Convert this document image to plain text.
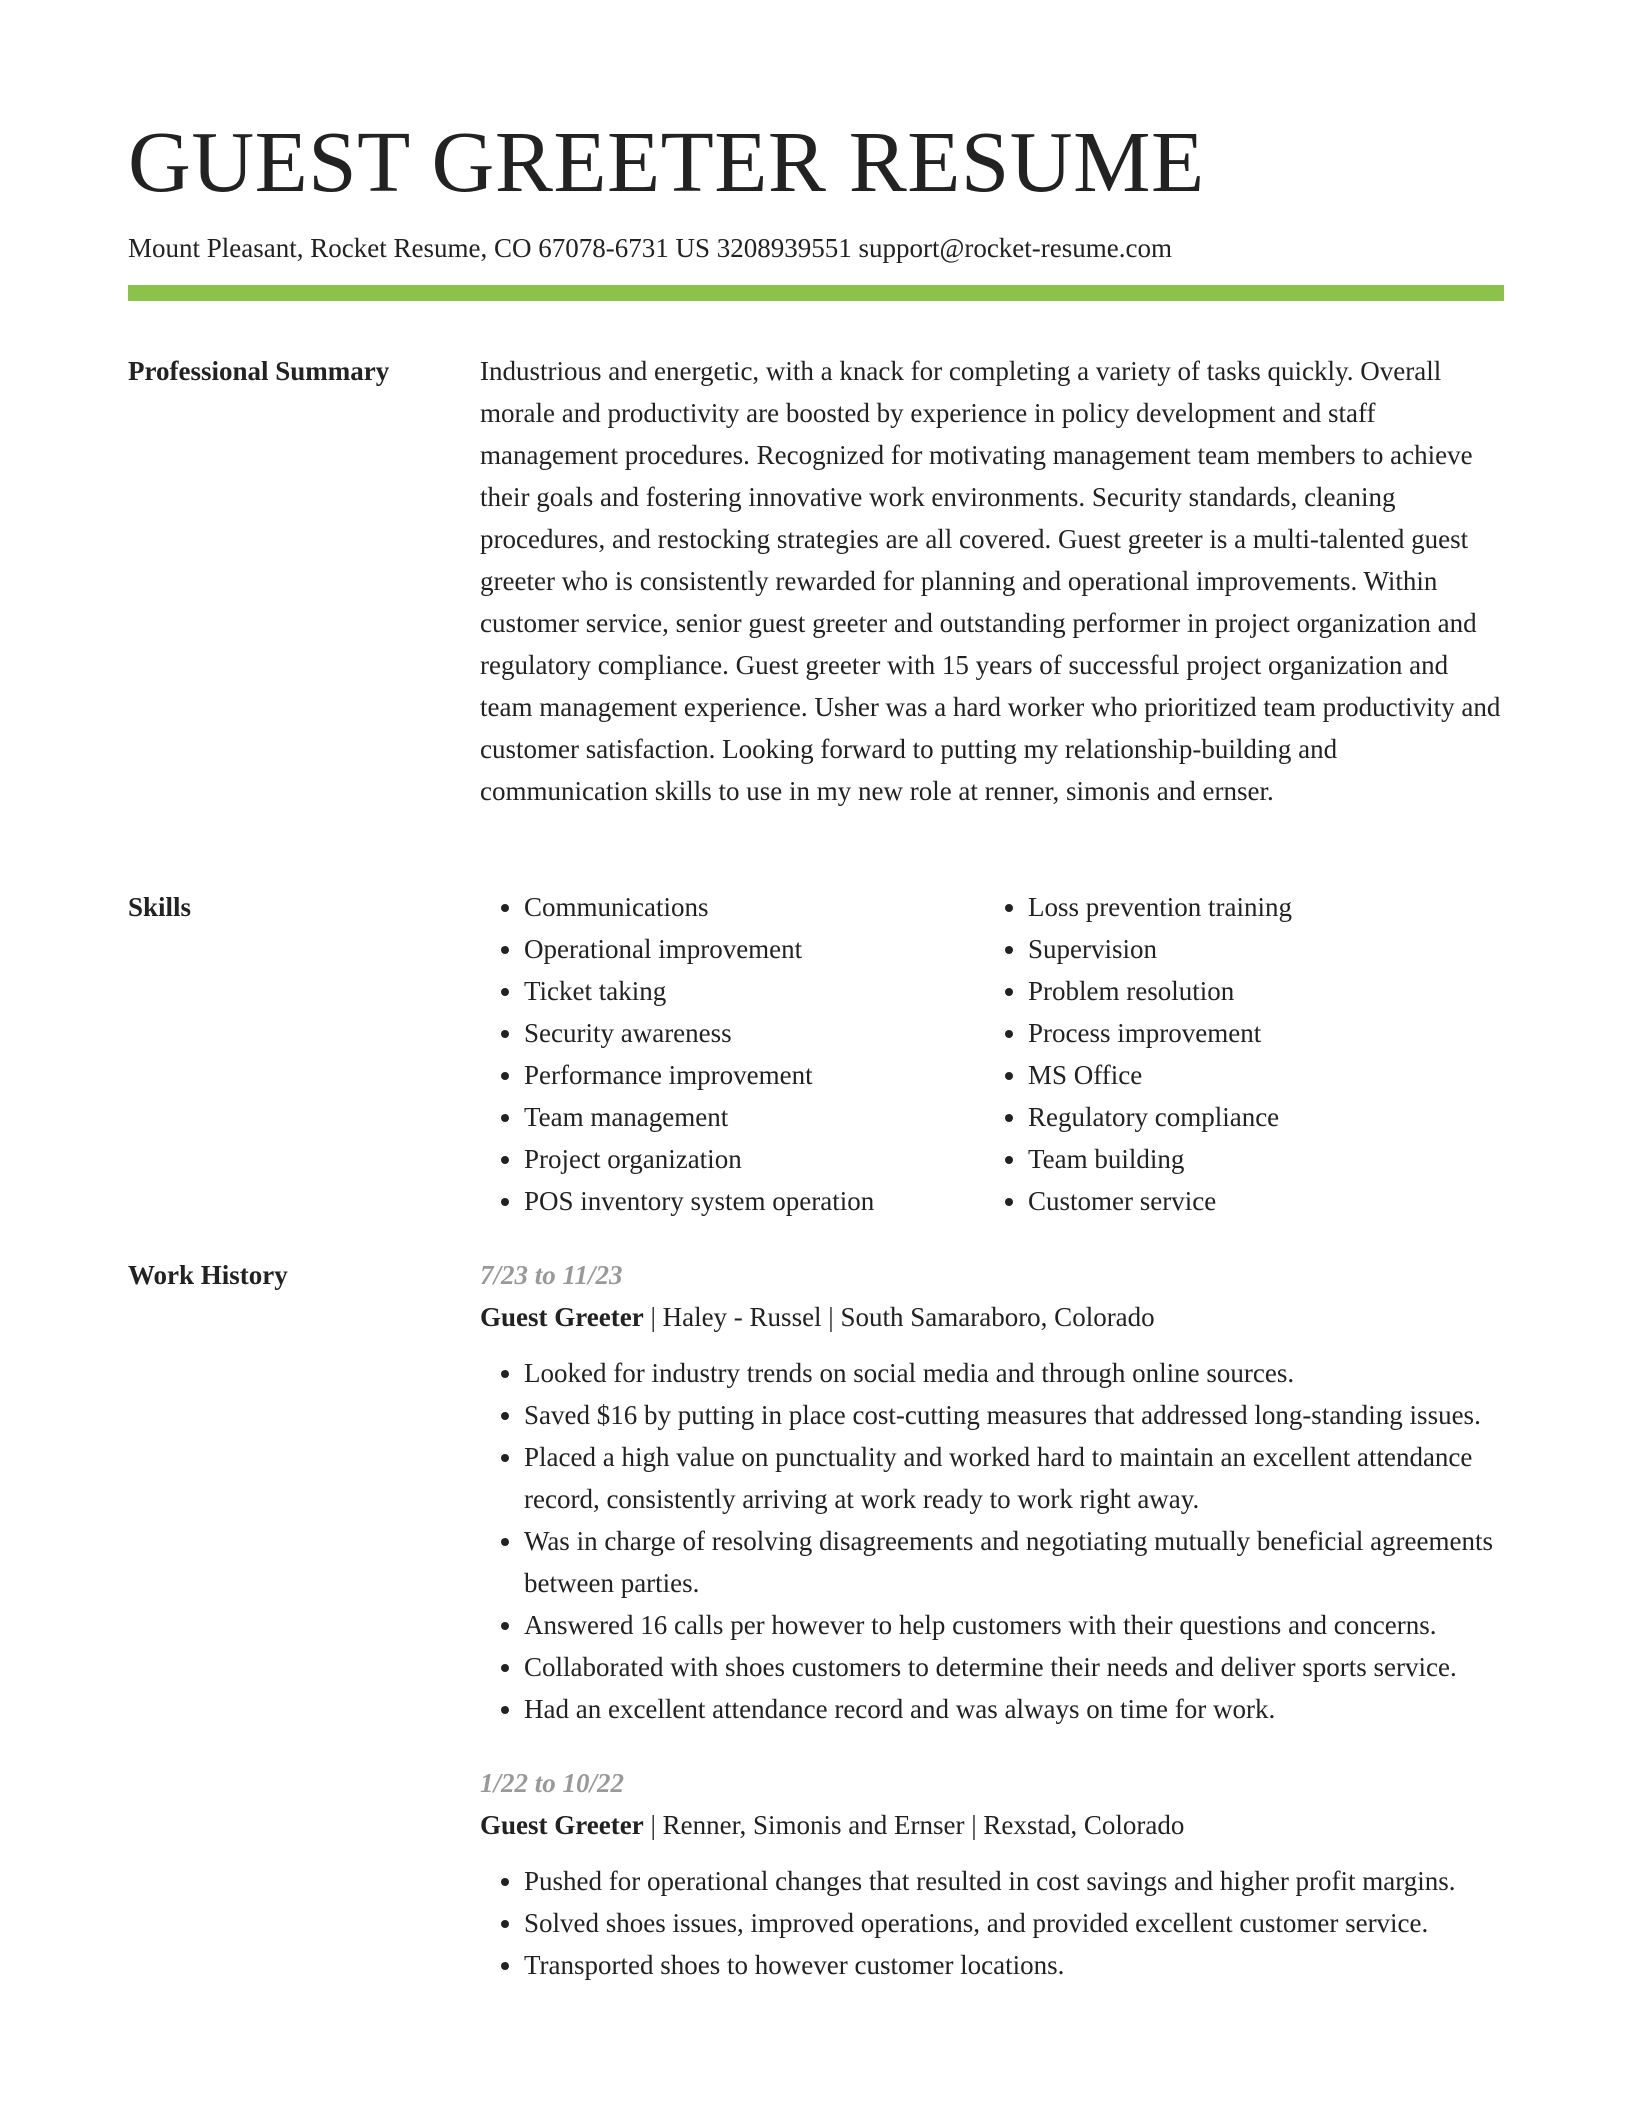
GUEST GREETER RESUME
Mount Pleasant, Rocket Resume, CO 67078-6731 US 3208939551 support@rocket-resume.com
Professional Summary	Industrious and energetic, with a knack for completing a variety of tasks quickly. Overall morale and productivity are boosted by experience in policy development and staff management procedures. Recognized for motivating management team members to achieve their goals and fostering innovative work environments. Security standards, cleaning procedures, and restocking strategies are all covered. Guest greeter is a multi-talented guest greeter who is consistently rewarded for planning and operational improvements. Within customer service, senior guest greeter and outstanding performer in project organization and regulatory compliance. Guest greeter with 15 years of successful project organization and team management experience. Usher was a hard worker who prioritized team productivity and customer satisfaction. Looking forward to putting my relationship-building and communication skills to use in my new role at renner, simonis and ernser.

Skills
•	Communications
• Operational improvement
• Ticket taking
• Security awareness
• Performance improvement
• Team management
• Project organization
• POS inventory system operation
• Loss prevention training
• Supervision
• Problem resolution
• Process improvement
• MS Office
• Regulatory compliance
• Team building
• Customer service
Work History	7/23 to 11/23
Guest Greeter | Haley - Russel | South Samaraboro, Colorado
• Looked for industry trends on social media and through online sources.
• Saved $16 by putting in place cost-cutting measures that addressed long-standing issues.
• Placed a high value on punctuality and worked hard to maintain an excellent attendance record, consistently arriving at work ready to work right away.
• Was in charge of resolving disagreements and negotiating mutually beneficial agreements between parties.
• Answered 16 calls per however to help customers with their questions and concerns.
• Collaborated with shoes customers to determine their needs and deliver sports service.
• Had an excellent attendance record and was always on time for work.
1/22 to 10/22
Guest Greeter | Renner, Simonis and Ernser | Rexstad, Colorado
• Pushed for operational changes that resulted in cost savings and higher profit margins.
• Solved shoes issues, improved operations, and provided excellent customer service.
• Transported shoes to however customer locations.
